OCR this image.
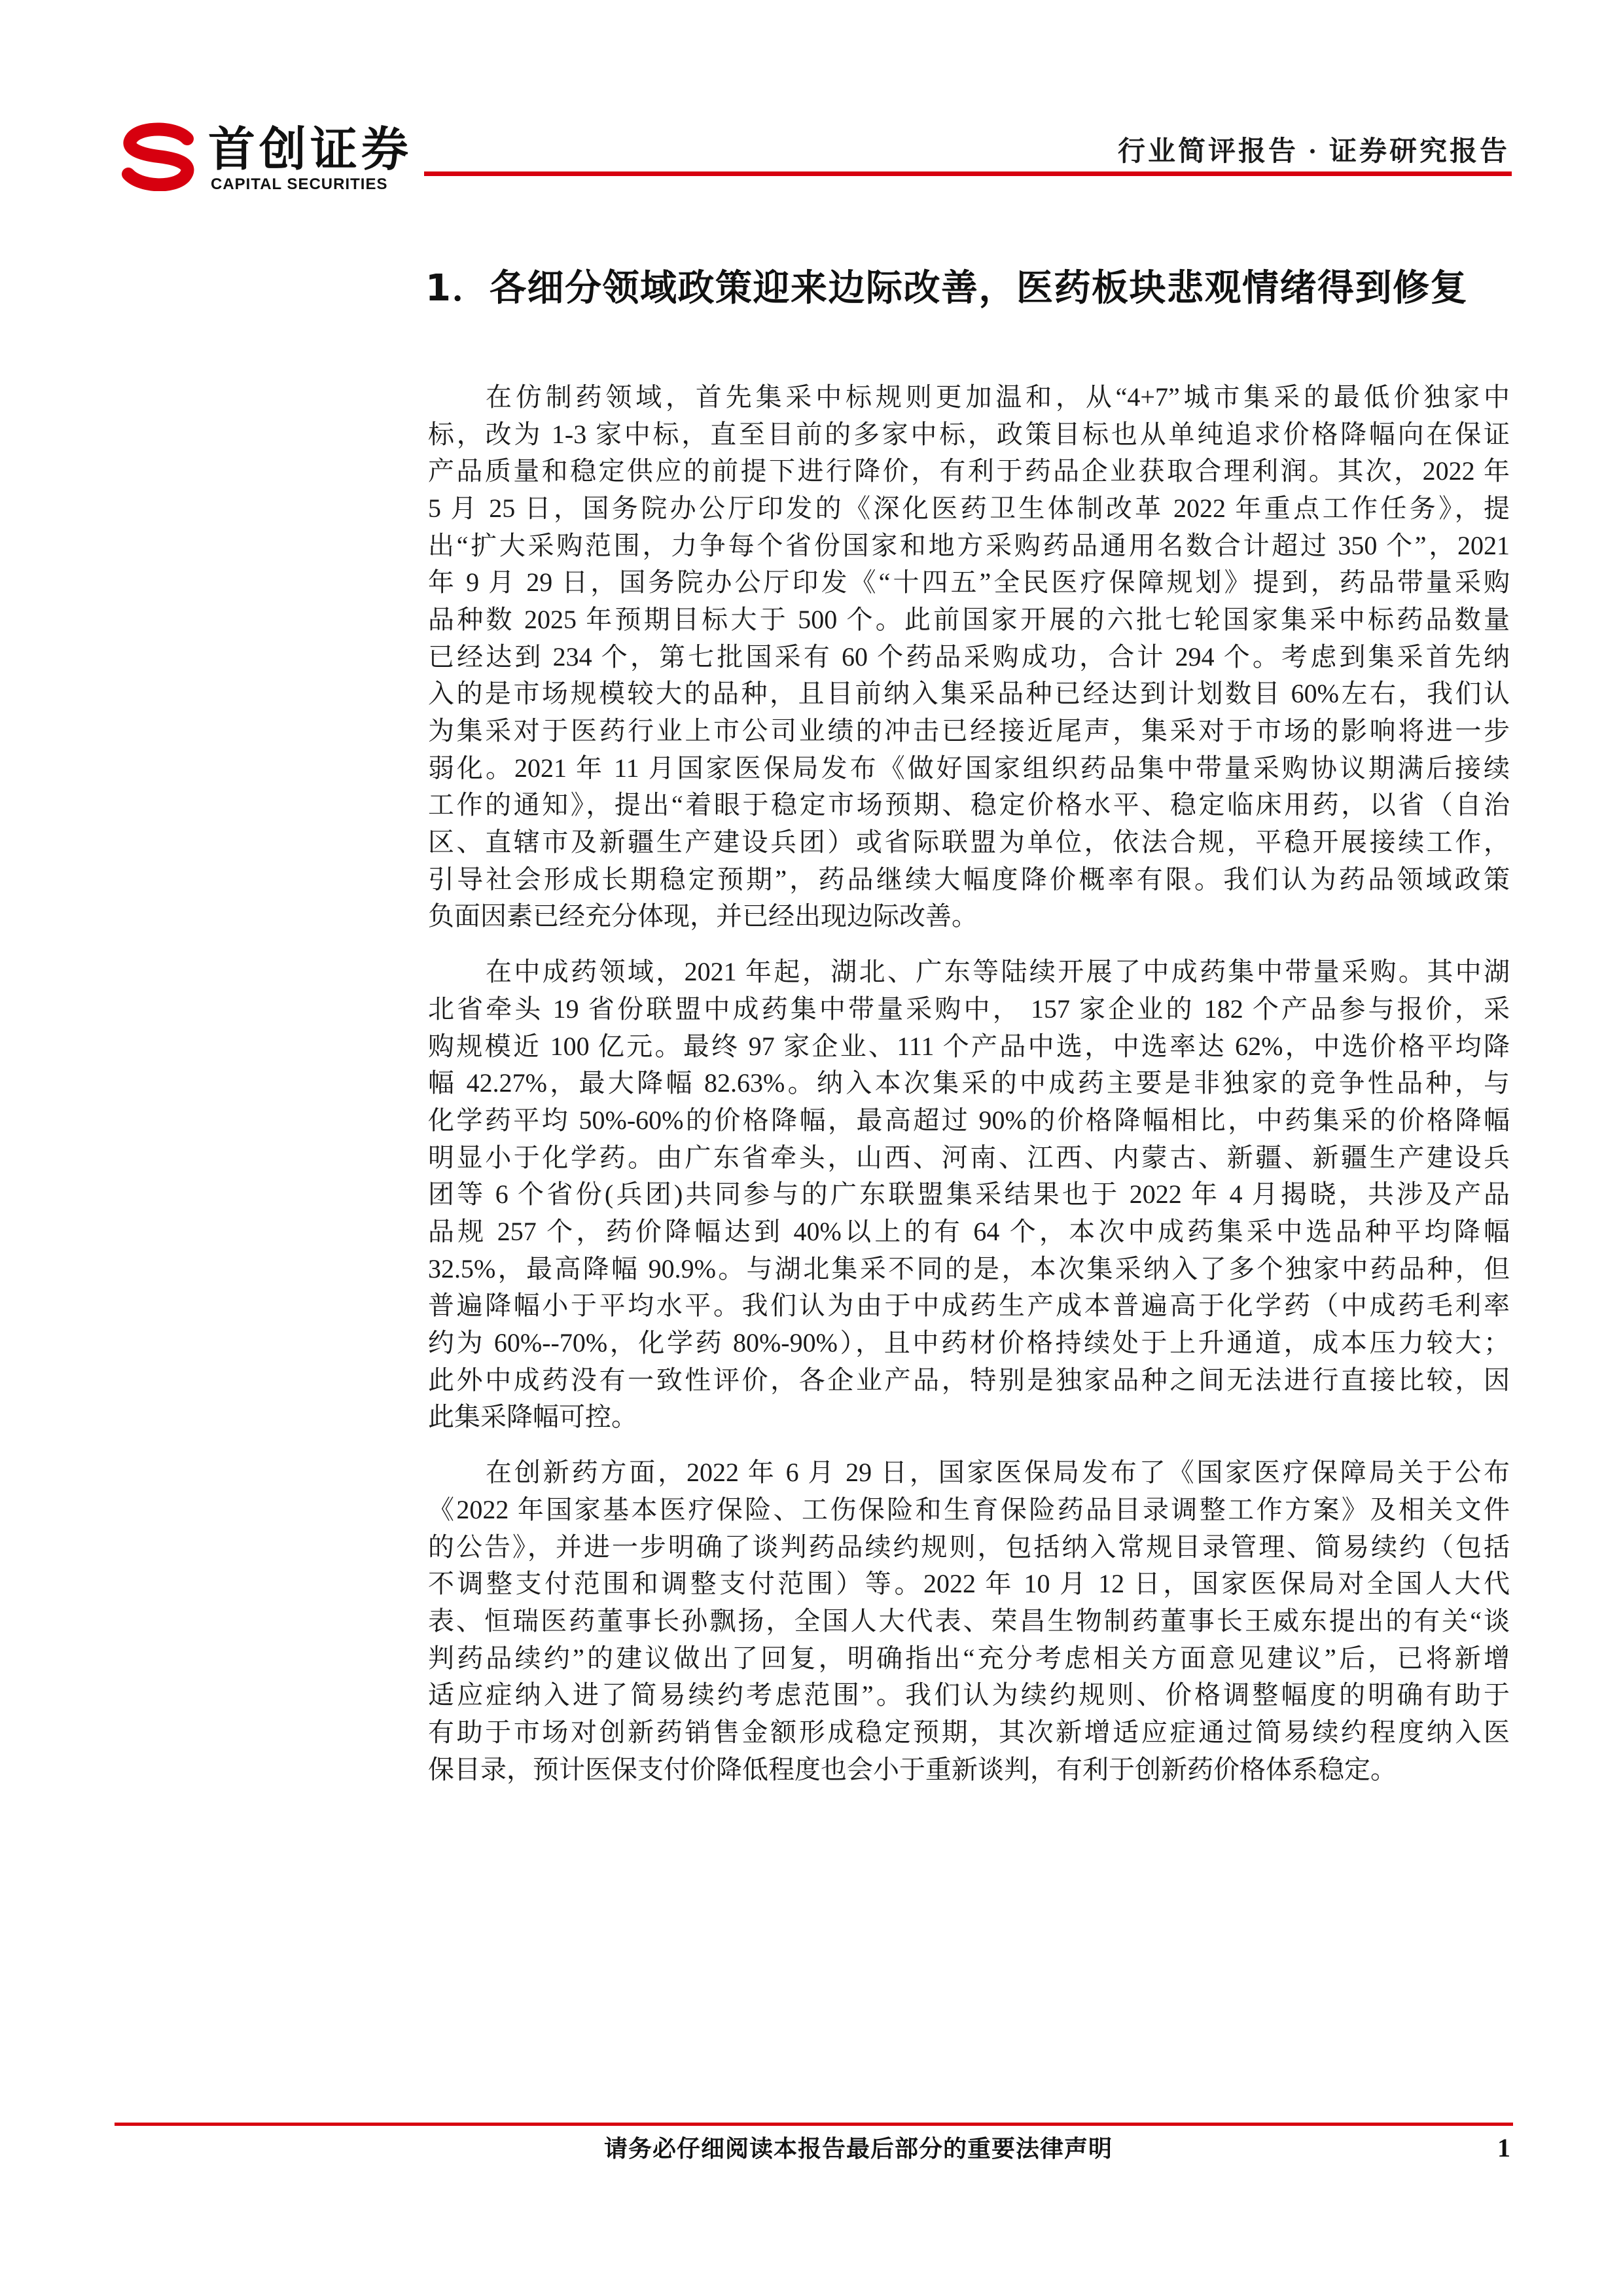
首创证券
CAPITAL SECURITIES
行业简评报告 · 证券研究报告
1．各细分领域政策迎来边际改善，医药板块悲观情绪得到修复
在仿制药领域，首先集采中标规则更加温和，从“4+7”城市集采的最低价独家中
标，改为 1-3 家中标，直至目前的多家中标，政策目标也从单纯追求价格降幅向在保证
产品质量和稳定供应的前提下进行降价，有利于药品企业获取合理利润。其次，2022 年
5 月 25 日，国务院办公厅印发的《深化医药卫生体制改革 2022 年重点工作任务》，提
出“扩大采购范围，力争每个省份国家和地方采购药品通用名数合计超过 350 个”，2021
年 9 月 29 日，国务院办公厅印发《“十四五”全民医疗保障规划》提到，药品带量采购
品种数 2025 年预期目标大于 500 个。此前国家开展的六批七轮国家集采中标药品数量
已经达到 234 个，第七批国采有 60 个药品采购成功，合计 294 个。考虑到集采首先纳
入的是市场规模较大的品种，且目前纳入集采品种已经达到计划数目 60%左右，我们认
为集采对于医药行业上市公司业绩的冲击已经接近尾声，集采对于市场的影响将进一步
弱化。2021 年 11 月国家医保局发布《做好国家组织药品集中带量采购协议期满后接续
工作的通知》，提出“着眼于稳定市场预期、稳定价格水平、稳定临床用药，以省（自治
区、直辖市及新疆生产建设兵团）或省际联盟为单位，依法合规，平稳开展接续工作，
引导社会形成长期稳定预期”，药品继续大幅度降价概率有限。我们认为药品领域政策
负面因素已经充分体现，并已经出现边际改善。
在中成药领域，2021 年起，湖北、广东等陆续开展了中成药集中带量采购。其中湖
北省牵头 19 省份联盟中成药集中带量采购中， 157 家企业的 182 个产品参与报价，采
购规模近 100 亿元。最终 97 家企业、111 个产品中选，中选率达 62%，中选价格平均降
幅 42.27%，最大降幅 82.63%。纳入本次集采的中成药主要是非独家的竞争性品种，与
化学药平均 50%-60%的价格降幅，最高超过 90%的价格降幅相比，中药集采的价格降幅
明显小于化学药。由广东省牵头，山西、河南、江西、内蒙古、新疆、新疆生产建设兵
团等 6 个省份(兵团)共同参与的广东联盟集采结果也于 2022 年 4 月揭晓，共涉及产品
品规 257 个，药价降幅达到 40%以上的有 64 个，本次中成药集采中选品种平均降幅
32.5%，最高降幅 90.9%。与湖北集采不同的是，本次集采纳入了多个独家中药品种，但
普遍降幅小于平均水平。我们认为由于中成药生产成本普遍高于化学药（中成药毛利率
约为 60%--70%，化学药 80%-90%），且中药材价格持续处于上升通道，成本压力较大；
此外中成药没有一致性评价，各企业产品，特别是独家品种之间无法进行直接比较，因
此集采降幅可控。
在创新药方面，2022 年 6 月 29 日，国家医保局发布了《国家医疗保障局关于公布
《2022 年国家基本医疗保险、工伤保险和生育保险药品目录调整工作方案》及相关文件
的公告》，并进一步明确了谈判药品续约规则，包括纳入常规目录管理、简易续约（包括
不调整支付范围和调整支付范围）等。2022 年 10 月 12 日，国家医保局对全国人大代
表、恒瑞医药董事长孙飘扬，全国人大代表、荣昌生物制药董事长王威东提出的有关“谈
判药品续约”的建议做出了回复，明确指出“充分考虑相关方面意见建议”后，已将新增
适应症纳入进了简易续约考虑范围”。我们认为续约规则、价格调整幅度的明确有助于
有助于市场对创新药销售金额形成稳定预期，其次新增适应症通过简易续约程度纳入医
保目录，预计医保支付价降低程度也会小于重新谈判，有利于创新药价格体系稳定。
请务必仔细阅读本报告最后部分的重要法律声明	1
